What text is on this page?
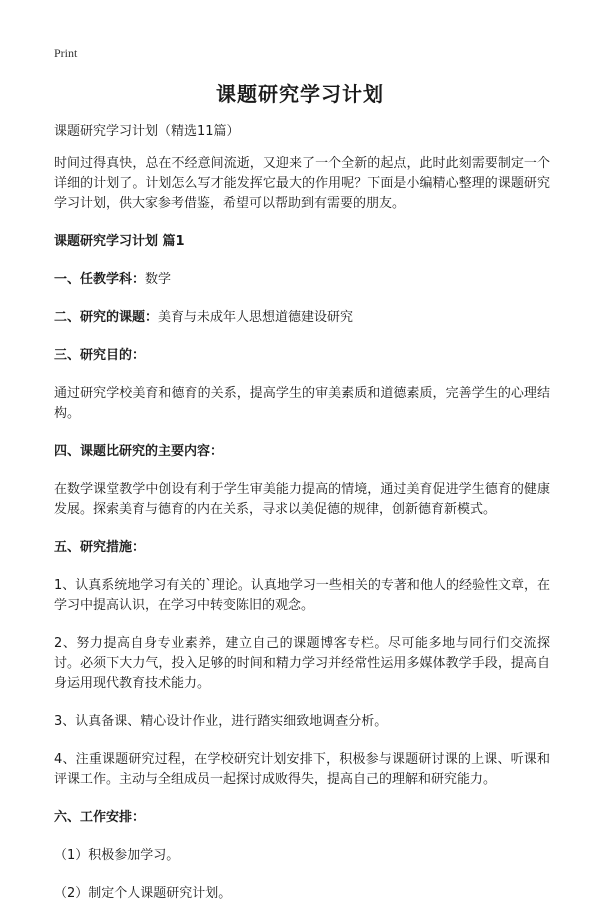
Print
课题研究学习计划

课题研究学习计划（精选11篇）

时间过得真快，总在不经意间流逝，又迎来了一个全新的起点，此时此刻需要制定一个详细的计划了。计划怎么写才能发挥它最大的作用呢？下面是小编精心整理的课题研究学习计划，供大家参考借鉴，希望可以帮助到有需要的朋友。

课题研究学习计划 篇1

一、任教学科：数学

二、研究的课题：美育与未成年人思想道德建设研究

三、研究目的：

通过研究学校美育和德育的关系，提高学生的审美素质和道德素质，完善学生的心理结构。

四、课题比研究的主要内容：

在数学课堂教学中创设有利于学生审美能力提高的情境，通过美育促进学生德育的健康发展。探索美育与德育的内在关系，寻求以美促德的规律，创新德育新模式。

五、研究措施：

1、认真系统地学习有关的`理论。认真地学习一些相关的专著和他人的经验性文章，在学习中提高认识，在学习中转变陈旧的观念。

2、努力提高自身专业素养，建立自己的课题博客专栏。尽可能多地与同行们交流探讨。必须下大力气，投入足够的时间和精力学习并经常性运用多媒体教学手段，提高自身运用现代教育技术能力。

3、认真备课、精心设计作业，进行踏实细致地调查分析。

4、注重课题研究过程，在学校研究计划安排下，积极参与课题研讨课的上课、听课和评课工作。主动与全组成员一起探讨成败得失，提高自己的理解和研究能力。

六、工作安排：

（1）积极参加学习。

（2）制定个人课题研究计划。
